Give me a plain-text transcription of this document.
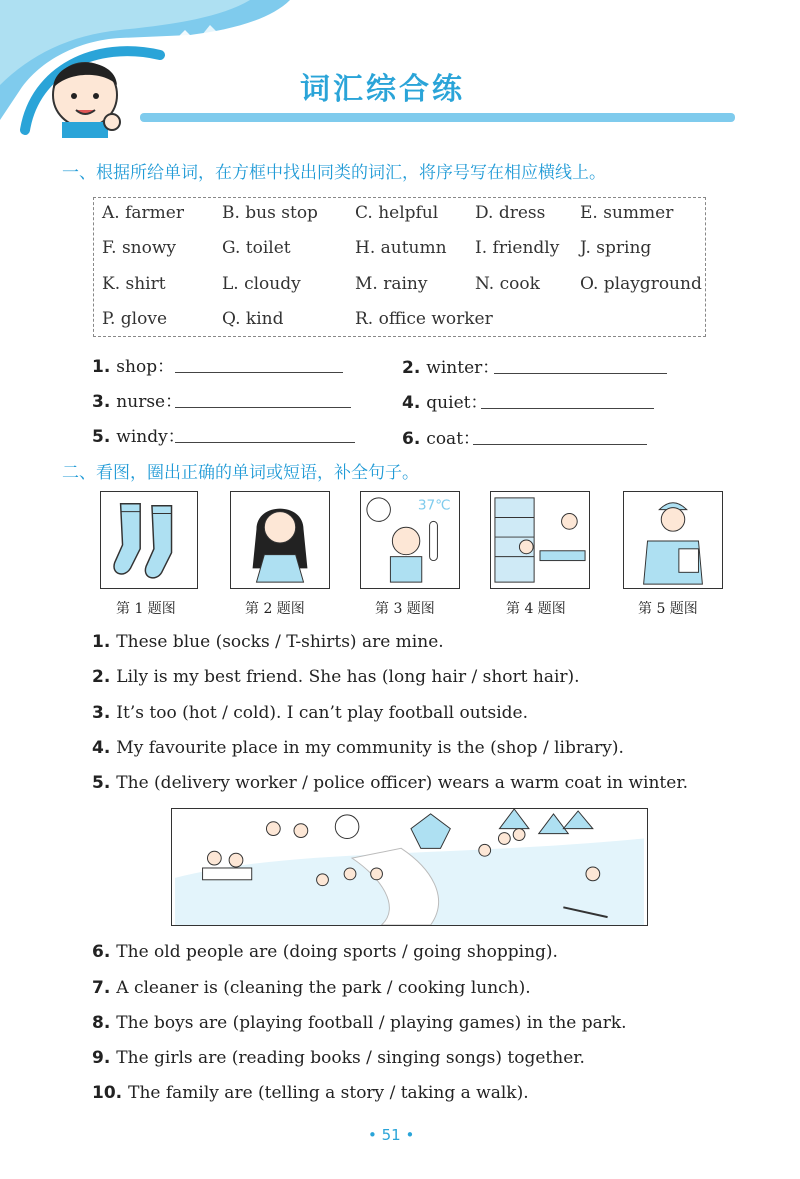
词汇综合练
一、根据所给单词，在方框中找出同类的词汇，将序号写在相应横线上。
A. farmer B. bus stop C. helpful D. dress E. summer
F. snowy	G. toilet	H. autumn I. friendly J. spring
K. shirt	L. cloudy	M. rainy	N. cook O. playground
P. glove	Q. kind	R. office worker
1. shop：	2. winter：
3. nurse：	4. quiet：
5. windy：	6. coat：
二、看图，圈出正确的单词或短语，补全句子。
37℃
第 1 题图	第 2 题图	第 3 题图	第 4 题图	第 5 题图
1. These blue (socks / T-shirts) are mine.
2. Lily is my best friend. She has (long hair / short hair).
3. It’s too (hot / cold). I can’t play football outside.
4. My favourite place in my community is the (shop / library).
5. The (delivery worker / police officer) wears a warm coat in winter.
6. The old people are (doing sports / going shopping).
7. A cleaner is (cleaning the park / cooking lunch).
8. The boys are (playing football / playing games) in the park.
9. The girls are (reading books / singing songs) together.
10. The family are (telling a story / taking a walk).
• 51 •
